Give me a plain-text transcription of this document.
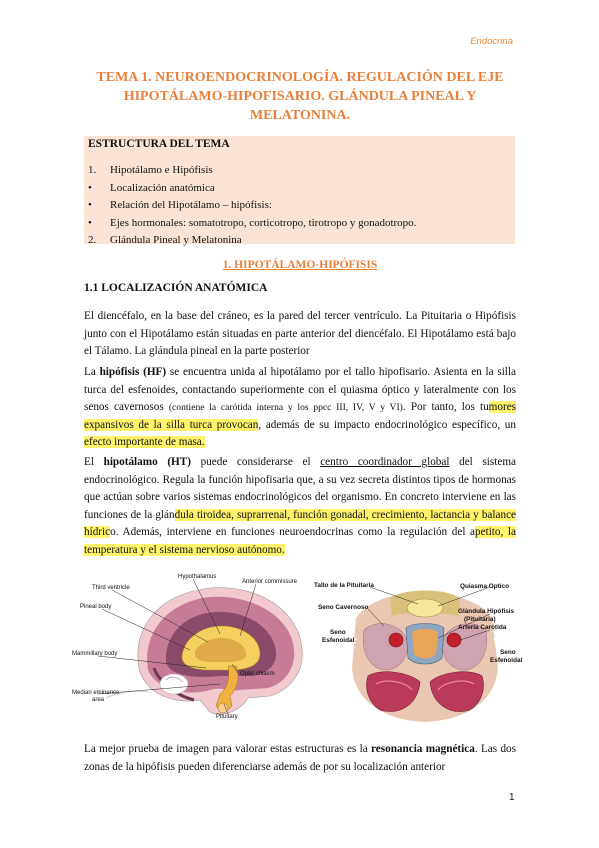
Endocrina
TEMA 1. NEUROENDOCRINOLOGÍA. REGULACIÓN DEL EJE
HIPOTÁLAMO-HIPOFISARIO. GLÁNDULA PINEAL Y
MELATONINA.
ESTRUCTURA DEL TEMA
1.	Hipotálamo e Hipófisis
•	Localización anatómica
•	Relación del Hipotálamo – hipófisis:
•	Ejes hormonales: somatotropo, corticotropo, tirotropo y gonadotropo.
2.	Glándula Pineal y Melatonina
1. HIPOTÁLAMO-HIPÓFISIS
1.1 LOCALIZACIÓN ANATÓMICA

El diencéfalo, en la base del cráneo, es la pared del tercer ventrículo. La Pituitaria o Hipófisis junto con el Hipotálamo están situadas en parte anterior del diencéfalo. El Hipotálamo está bajo el Tálamo. La glándula pineal en la parte posterior

La hipófisis (HF) se encuentra unida al hipotálamo por el tallo hipofisario. Asienta en la silla turca del esfenoides, contactando superiormente con el quiasma óptico y lateralmente con los senos cavernosos (contiene la carótida interna y los ppcc III, IV, V y VI). Por tanto, los tumores expansivos de la silla turca provocan, además de su impacto endocrinológico específico, un efecto importante de masa.

El hipotálamo (HT) puede considerarse el centro coordinador global del sistema endocrinológico. Regula la función hipofisaria que, a su vez secreta distintos tipos de hormonas que actúan sobre varios sistemas endocrinológicos del organismo. En concreto interviene en las funciones de la glándula tiroidea, suprarrenal, función gonadal, crecimiento, lactancia y balance hídrico. Además, interviene en funciones neuroendocrinas como la regulación del apetito, la temperatura y el sistema nervioso autónomo.

Hypothalamus
Anterior commissure
Third ventricle
Pineal body
Mammillary body
Median eminence
area
Optic chiasm
Pituitary
Tallo de la Pituitaria	Quiasma Optico
Seno Cavernoso
Glándula Hipófisis
(Pituitaria)
Arteria Carótida
Seno
Esfenoidal
Seno
Esfenoidal

La mejor prueba de imagen para valorar estas estructuras es la resonancia magnética. Las dos zonas de la hipófisis pueden diferenciarse además de por su localización anterior

1
